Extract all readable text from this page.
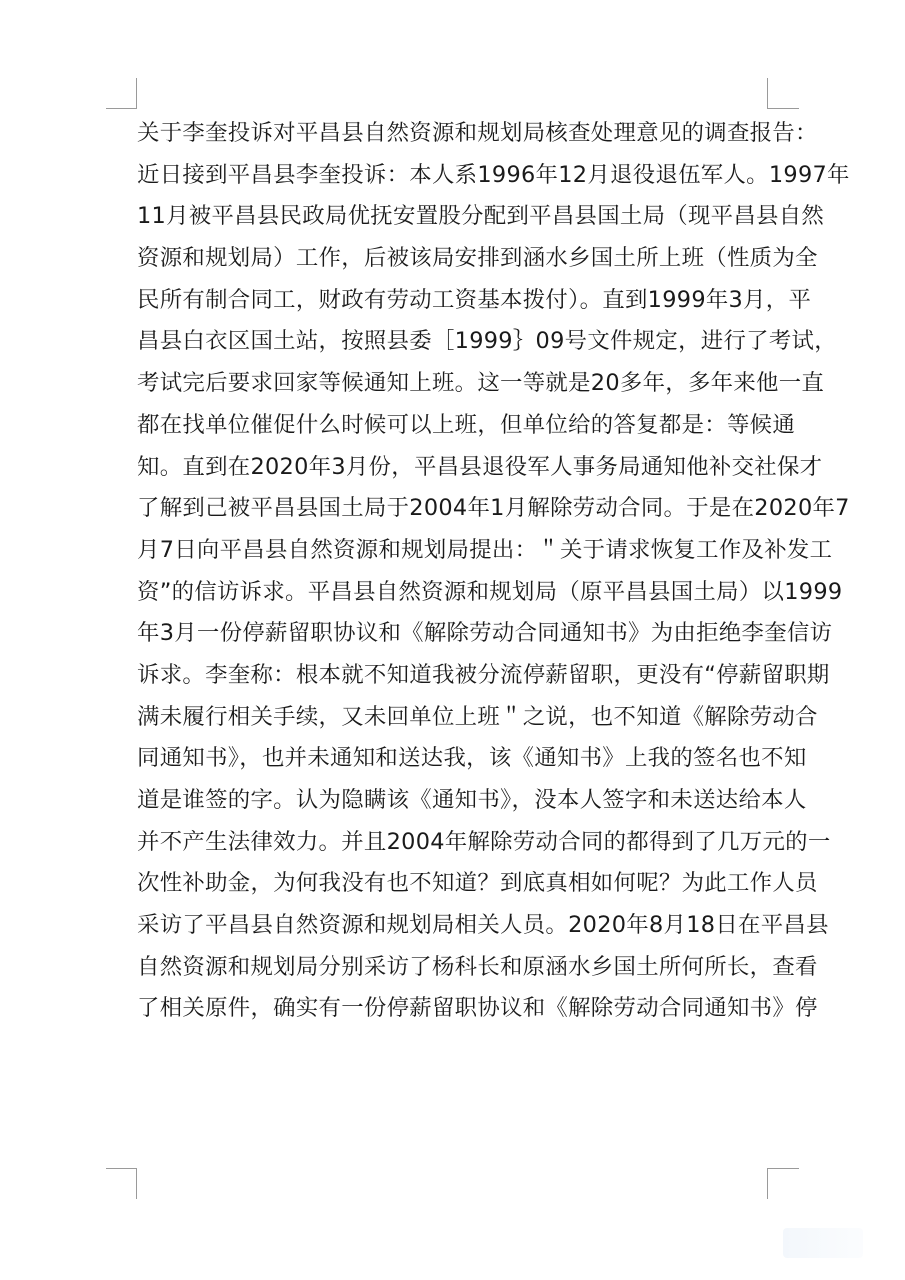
关于李奎投诉对平昌县自然资源和规划局核查处理意见的调查报告：
近日接到平昌县李奎投诉：本人系1996年12月退役退伍军人。1997年
11月被平昌县民政局优抚安置股分配到平昌县国土局（现平昌县自然
资源和规划局）工作，后被该局安排到涵水乡国土所上班（性质为全
民所有制合同工，财政有劳动工资基本拨付）。直到1999年3月，平
昌县白衣区国土站，按照县委［1999｝09号文件规定，进行了考试，
考试完后要求回家等候通知上班。这一等就是20多年，多年来他一直
都在找单位催促什么时候可以上班，但单位给的答复都是：等候通
知。直到在2020年3月份，平昌县退役军人事务局通知他补交社保才
了解到己被平昌县国土局于2004年1月解除劳动合同。于是在2020年7
月7日向平昌县自然资源和规划局提出：＂关于请求恢复工作及补发工
资”的信访诉求。平昌县自然资源和规划局（原平昌县国土局）以1999
年3月一份停薪留职协议和《解除劳动合同通知书》为由拒绝李奎信访
诉求。李奎称：根本就不知道我被分流停薪留职，更没有“停薪留职期
满未履行相关手续，又未回单位上班＂之说，也不知道《解除劳动合
同通知书》，也并未通知和送达我，该《通知书》上我的签名也不知
道是谁签的字。认为隐瞒该《通知书》，没本人签字和未送达给本人
并不产生法律效力。并且2004年解除劳动合同的都得到了几万元的一
次性补助金，为何我没有也不知道？到底真相如何呢？为此工作人员
采访了平昌县自然资源和规划局相关人员。2020年8月18日在平昌县
自然资源和规划局分别采访了杨科长和原涵水乡国土所何所长，查看
了相关原件，确实有一份停薪留职协议和《解除劳动合同通知书》停
